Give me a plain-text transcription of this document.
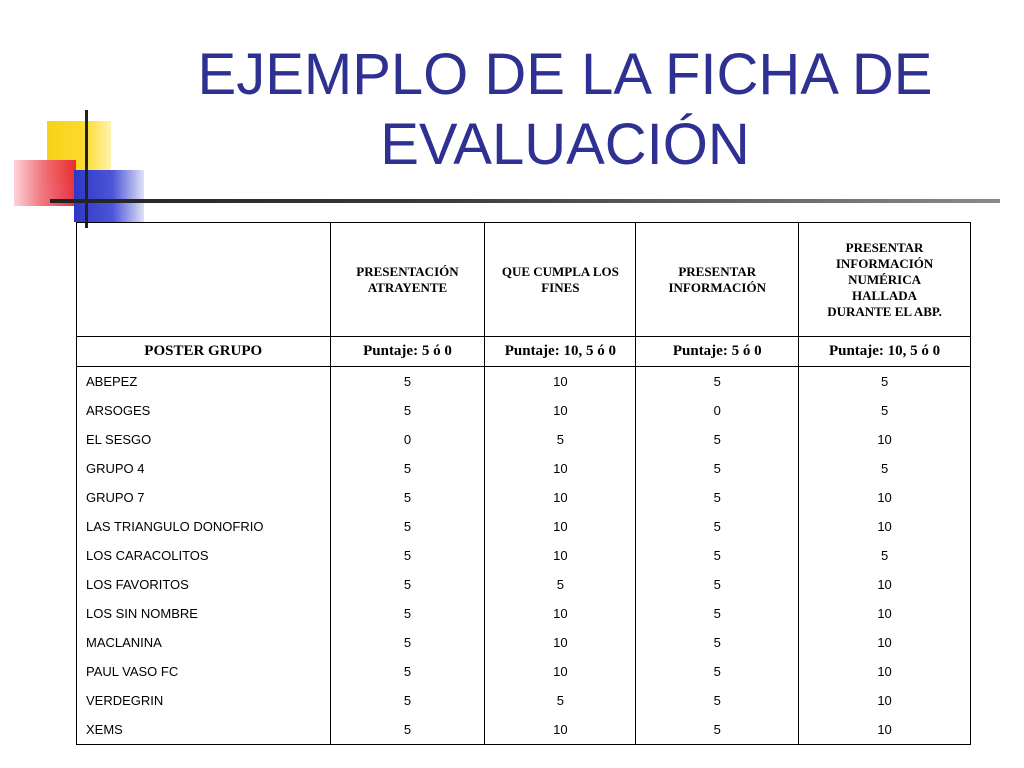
EJEMPLO DE LA FICHA DE EVALUACIÓN
	PRESENTACIÓN ATRAYENTE	QUE CUMPLA LOS FINES	PRESENTAR INFORMACIÓN	PRESENTAR INFORMACIÓN NUMÉRICA HALLADA DURANTE EL ABP.
POSTER GRUPO	Puntaje: 5 ó 0	Puntaje: 10, 5 ó 0	Puntaje: 5 ó 0	Puntaje: 10, 5 ó 0
ABEPEZ	5	10	5	5
ARSOGES	5	10	0	5
EL SESGO	0	5	5	10
GRUPO 4	5	10	5	5
GRUPO 7	5	10	5	10
LAS TRIANGULO DONOFRIO	5	10	5	10
LOS CARACOLITOS	5	10	5	5
LOS FAVORITOS	5	5	5	10
LOS SIN NOMBRE	5	10	5	10
MACLANINA	5	10	5	10
PAUL VASO FC	5	10	5	10
VERDEGRIN	5	5	5	10
XEMS	5	10	5	10
